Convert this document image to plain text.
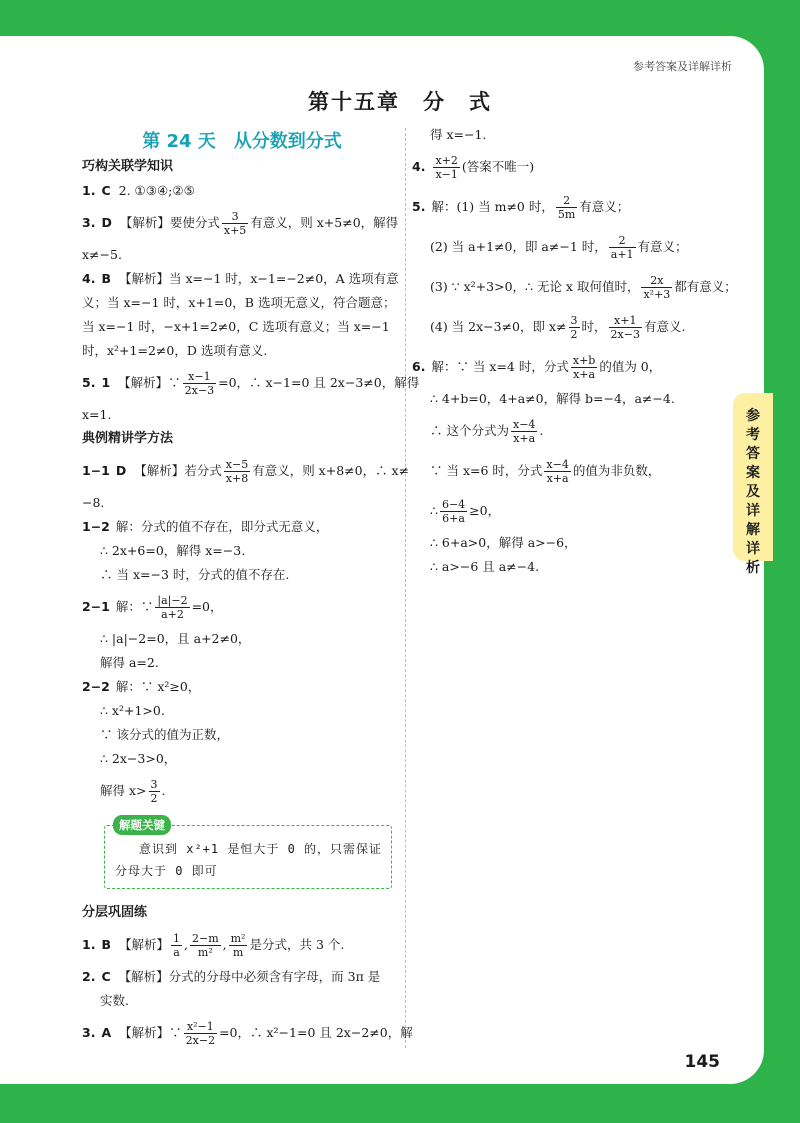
参考答案及详解详析
第十五章　分　式
第 24 天　从分数到分式
巧构关联学知识
1. C 2. ①③④;②⑤
3. D 【解析】要使分式 $\frac{3}{x+5}$ 有意义，则 x+5≠0，解得
x≠−5.
4. B 【解析】当 x=−1 时，x−1=−2≠0，A 选项有意
义；当 x=−1 时，x+1=0，B 选项无意义，符合题意；
当 x=−1 时，−x+1=2≠0，C 选项有意义；当 x=−1
时，x²+1=2≠0，D 选项有意义.
5. 1 【解析】∵ $\frac{x-1}{2x-3} =0$，∴ x−1=0 且 2x−3≠0，解得
x=1.
典例精讲学方法
1−1 D 【解析】若分式 $\frac{x-5}{x+8}$ 有意义，则 x+8≠0，∴ x≠
−8.
1−2 解：分式的值不存在，即分式无意义，
∴ 2x+6=0，解得 x=−3.
∴ 当 x=−3 时，分式的值不存在.
2−1 解：∵ $\frac{|a|-2}{a+2} =0$，
∴ |a|−2=0，且 a+2≠0，
解得 a=2.
2−2 解：∵ x²≥0，
∴ x²+1>0.
∵ 该分式的值为正数，
∴ 2x−3>0，
解得 $x> \frac{3}{2}$ .
解题关键
意识到 x²+1 是恒大于 0 的，只需保证
分母大于 0 即可
分层巩固练
1. B 【解析】 $\frac{1}{a}$ , $\frac{2-m}{\text{m²}}$ , $\frac{\text{m²}}{m}$ 是分式，共 3 个.
2. C 【解析】分式的分母中必须含有字母，而 3π 是
实数.
3. A 【解析】∵ $\frac{\text{x²−1}}{2x-2} =0$，∴ x²−1=0 且 2x−2≠0，解
得 x=−1.
4. $\frac{x+2}{x-1}$ (答案不唯一)
5. 解：(1) 当 m≠0 时， $\frac{2}{5m}$ 有意义；
(2) 当 a+1≠0，即 a≠−1 时， $\frac{2}{a+1}$ 有意义；
(3) ∵ x²+3>0，∴ 无论 x 取何值时， $\frac{2x}{\text{x²+3}}$ 都有意义；
(4) 当 2x−3≠0，即 $x\ne \frac{3}{2}$ 时， $\frac{x+1}{2x-3}$ 有意义.
6. 解：∵ 当 x=4 时，分式 $\frac{x+b}{x+a}$ 的值为 0，
∴ 4+b=0，4+a≠0，解得 b=−4，a≠−4.
∴ 这个分式为 $\frac{x-4}{x+a}$ .
∵ 当 x=6 时，分式 $\frac{x-4}{x+a}$ 的值为非负数，
∴ $\frac{6-4}{6+a} \ge 0$，
∴ 6+a>0，解得 a>−6，
∴ a>−6 且 a≠−4.
参考答案及详解详析
145
